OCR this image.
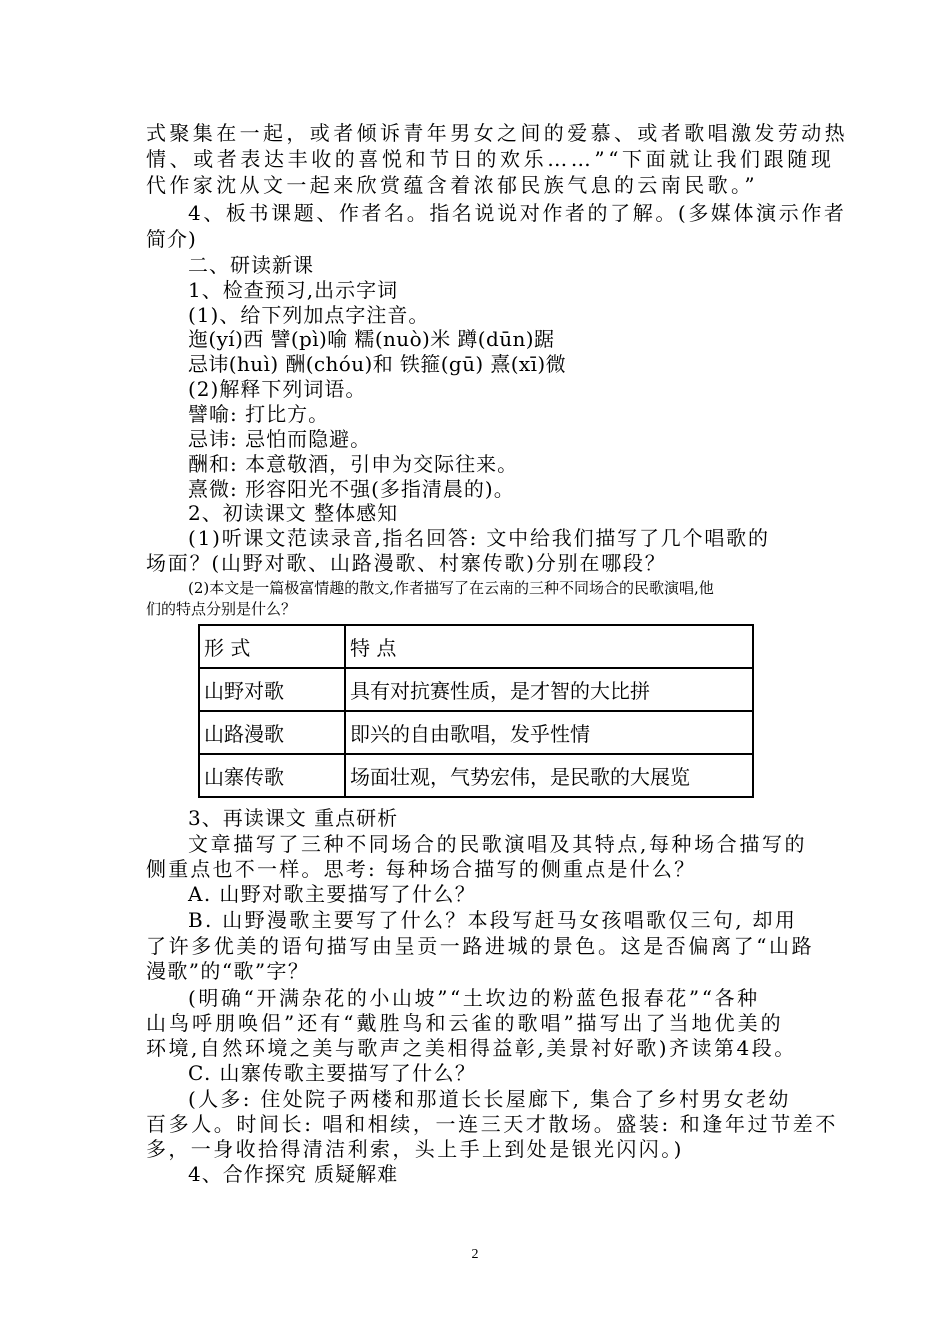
式聚集在一起，或者倾诉青年男女之间的爱慕、或者歌唱激发劳动热
情、或者表达丰收的喜悦和节日的欢乐……”“下面就让我们跟随现
代作家沈从文一起来欣赏蕴含着浓郁民族气息的云南民歌。”
4、板书课题、作者名。指名说说对作者的了解。(多媒体演示作者
简介)
二、研读新课
1、检查预习,出示字词
(1)、给下列加点字注音。
迤(yí)西 譬(pì)喻 糯(nuò)米 蹲(dūn)踞
忌讳(huì) 酬(chóu)和 铁箍(gū) 熹(xī)微
(2)解释下列词语。
譬喻: 打比方。
忌讳: 忌怕而隐避。
酬和: 本意敬酒，引申为交际往来。
熹微: 形容阳光不强(多指清晨的)。
2、初读课文 整体感知
(1)听课文范读录音,指名回答: 文中给我们描写了几个唱歌的
场面？(山野对歌、山路漫歌、村寨传歌)分别在哪段？
(2)本文是一篇极富情趣的散文,作者描写了在云南的三种不同场合的民歌演唱,他
们的特点分别是什么？
形 式	特 点
山野对歌	具有对抗赛性质，是才智的大比拼
山路漫歌	即兴的自由歌唱，发乎性情
山寨传歌	场面壮观，气势宏伟，是民歌的大展览
3、再读课文 重点研析
文章描写了三种不同场合的民歌演唱及其特点,每种场合描写的
侧重点也不一样。思考: 每种场合描写的侧重点是什么？
A. 山野对歌主要描写了什么？
B. 山野漫歌主要写了什么？本段写赶马女孩唱歌仅三句, 却用
了许多优美的语句描写由呈贡一路进城的景色。这是否偏离了“山路
漫歌”的“歌”字？
(明确“开满杂花的小山坡”“土坎边的粉蓝色报春花”“各种
山鸟呼朋唤侣”还有“戴胜鸟和云雀的歌唱”描写出了当地优美的
环境,自然环境之美与歌声之美相得益彰,美景衬好歌)齐读第4段。
C. 山寨传歌主要描写了什么？
(人多: 住处院子两楼和那道长长屋廊下, 集合了乡村男女老幼
百多人。时间长: 唱和相续，一连三天才散场。盛装: 和逢年过节差不
多，一身收拾得清洁利索，头上手上到处是银光闪闪。)
4、合作探究 质疑解难
2
